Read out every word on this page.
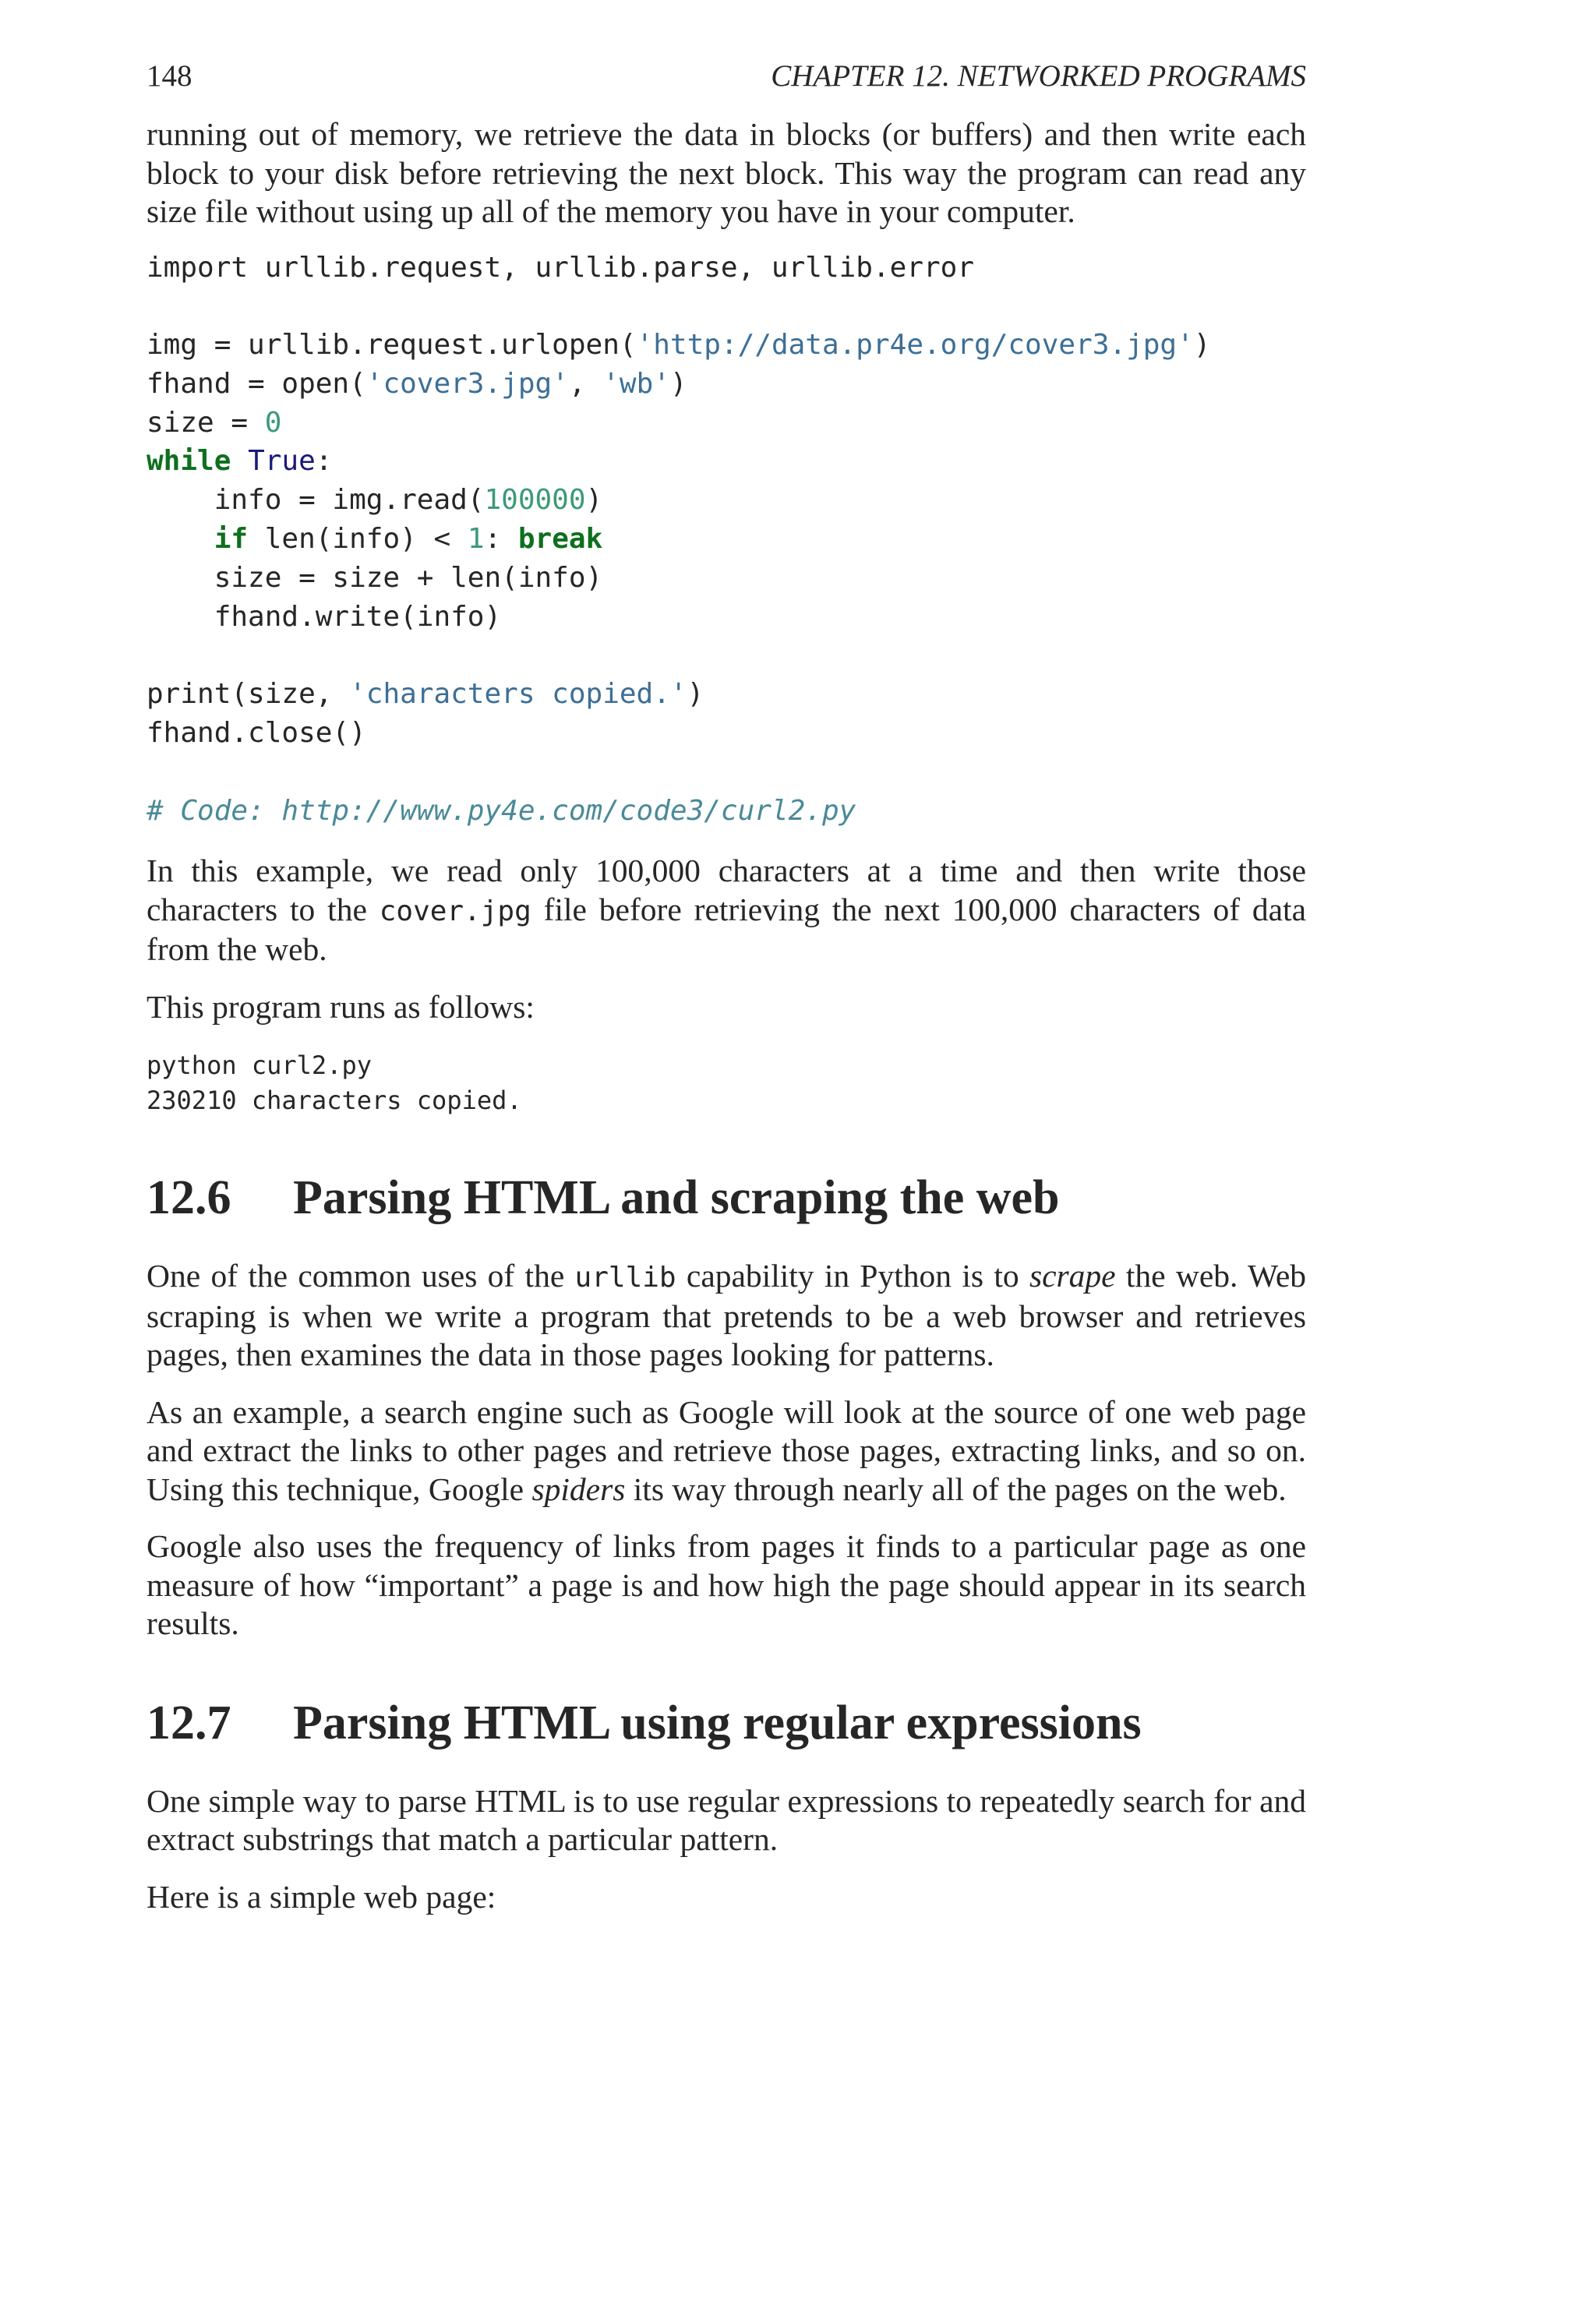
148	CHAPTER 12. NETWORKED PROGRAMS

running out of memory, we retrieve the data in blocks (or buffers) and then write each block to your disk before retrieving the next block. This way the program can read any size file without using up all of the memory you have in your computer.

import urllib.request, urllib.parse, urllib.error

img = urllib.request.urlopen('http://data.pr4e.org/cover3.jpg')
fhand = open('cover3.jpg', 'wb')
size = 0
while True:
info = img.read(100000)
if len(info) < 1: break
size = size + len(info)
fhand.write(info)

print(size, 'characters copied.')
fhand.close()

# Code: http://www.py4e.com/code3/curl2.py

In this example, we read only 100,000 characters at a time and then write those characters to the cover.jpg file before retrieving the next 100,000 characters of data from the web.

This program runs as follows:

python curl2.py
230210 characters copied.
12.6	Parsing HTML and scraping the web

One of the common uses of the urllib capability in Python is to scrape the web. Web scraping is when we write a program that pretends to be a web browser and retrieves pages, then examines the data in those pages looking for patterns.

As an example, a search engine such as Google will look at the source of one web page and extract the links to other pages and retrieve those pages, extracting links, and so on. Using this technique, Google spiders its way through nearly all of the pages on the web.

Google also uses the frequency of links from pages it finds to a particular page as one measure of how “important” a page is and how high the page should appear in its search results.

12.7	Parsing HTML using regular expressions

One simple way to parse HTML is to use regular expressions to repeatedly search for and extract substrings that match a particular pattern.

Here is a simple web page:
